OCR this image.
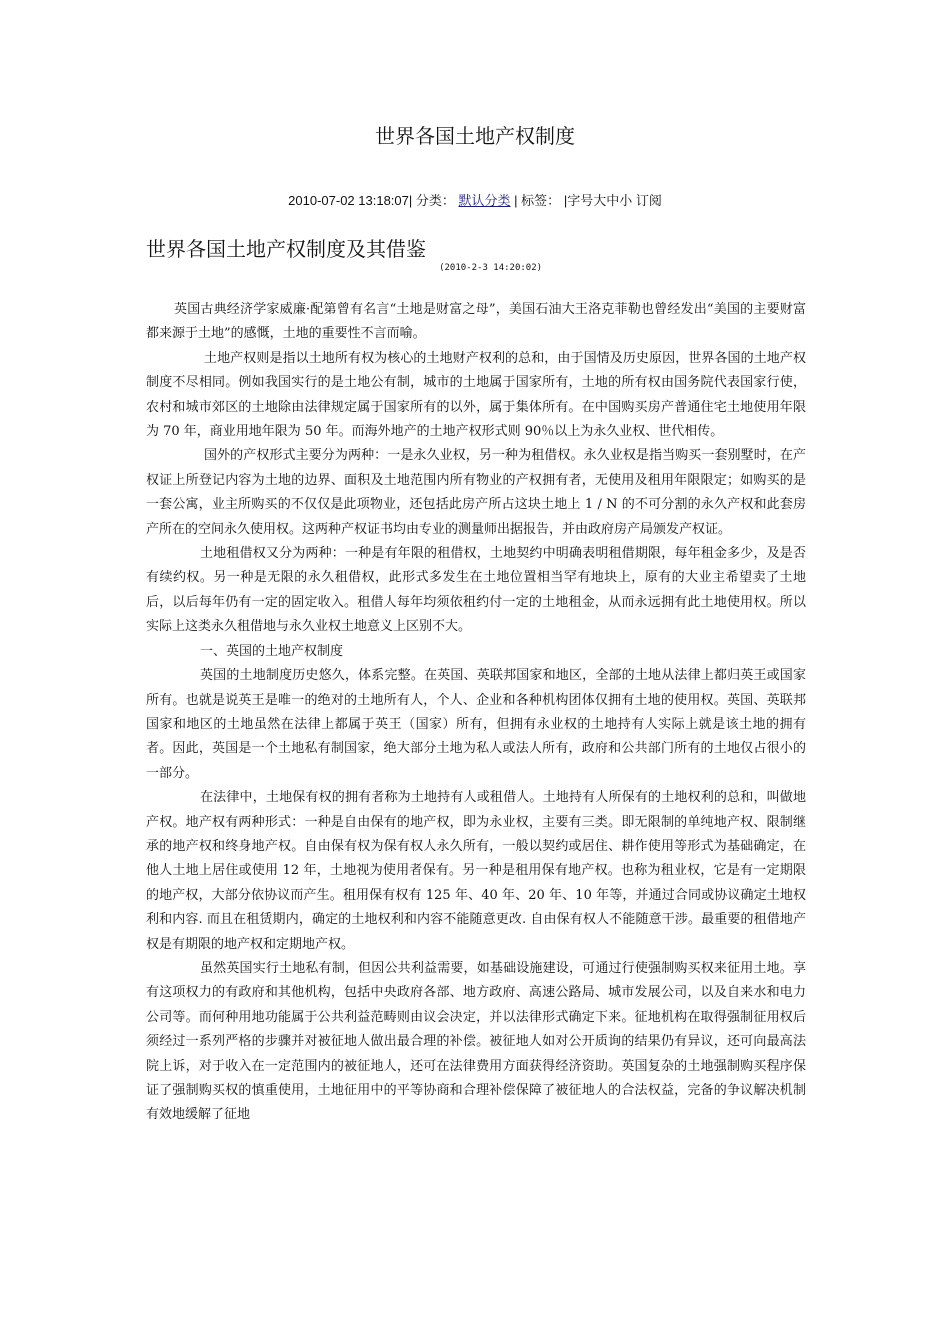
世界各国土地产权制度
2010-07-02 13:18:07| 分类： 默认分类 | 标签： |字号大中小 订阅
世界各国土地产权制度及其借鉴 $_{(2010-2-3 14:20:02)}$

英国古典经济学家威廉·配第曾有名言“土地是财富之母”，美国石油大王洛克菲勒也曾经发出“美国的主要财富都来源于土地”的感慨，土地的重要性不言而喻。

土地产权则是指以土地所有权为核心的土地财产权利的总和，由于国情及历史原因，世界各国的土地产权制度不尽相同。例如我国实行的是土地公有制，城市的土地属于国家所有，土地的所有权由国务院代表国家行使，农村和城市郊区的土地除由法律规定属于国家所有的以外，属于集体所有。在中国购买房产普通住宅土地使用年限为 70 年，商业用地年限为 50 年。而海外地产的土地产权形式则 90％以上为永久业权、世代相传。

国外的产权形式主要分为两种：一是永久业权，另一种为租借权。永久业权是指当购买一套别墅时，在产权证上所登记内容为土地的边界、面积及土地范围内所有物业的产权拥有者，无使用及租用年限限定；如购买的是一套公寓，业主所购买的不仅仅是此项物业，还包括此房产所占这块土地上 1 / N 的不可分割的永久产权和此套房产所在的空间永久使用权。这两种产权证书均由专业的测量师出据报告，并由政府房产局颁发产权证。

土地租借权又分为两种：一种是有年限的租借权，土地契约中明确表明租借期限，每年租金多少，及是否有续约权。另一种是无限的永久租借权，此形式多发生在土地位置相当罕有地块上，原有的大业主希望卖了土地后，以后每年仍有一定的固定收入。租借人每年均须依租约付一定的土地租金，从而永远拥有此土地使用权。所以实际上这类永久租借地与永久业权土地意义上区别不大。

一、英国的土地产权制度

英国的土地制度历史悠久，体系完整。在英国、英联邦国家和地区，全部的土地从法律上都归英王或国家所有。也就是说英王是唯一的绝对的土地所有人，个人、企业和各种机构团体仅拥有土地的使用权。英国、英联邦国家和地区的土地虽然在法律上都属于英王（国家）所有，但拥有永业权的土地持有人实际上就是该土地的拥有者。因此，英国是一个土地私有制国家，绝大部分土地为私人或法人所有，政府和公共部门所有的土地仅占很小的一部分。

在法律中，土地保有权的拥有者称为土地持有人或租借人。土地持有人所保有的土地权利的总和，叫做地产权。地产权有两种形式：一种是自由保有的地产权，即为永业权，主要有三类。即无限制的单纯地产权、限制继承的地产权和终身地产权。自由保有权为保有权人永久所有，一般以契约或居住、耕作使用等形式为基础确定，在他人土地上居住或使用 12 年，土地视为使用者保有。另一种是租用保有地产权。也称为租业权，它是有一定期限的地产权，大部分依协议而产生。租用保有权有 125 年、40 年、20 年、10 年等，并通过合同或协议确定土地权利和内容. 而且在租赁期内，确定的土地权利和内容不能随意更改. 自由保有权人不能随意干涉。最重要的租借地产权是有期限的地产权和定期地产权。

虽然英国实行土地私有制，但因公共利益需要，如基础设施建设，可通过行使强制购买权来征用土地。享有这项权力的有政府和其他机构，包括中央政府各部、地方政府、高速公路局、城市发展公司，以及自来水和电力公司等。而何种用地功能属于公共利益范畴则由议会决定，并以法律形式确定下来。征地机构在取得强制征用权后须经过一系列严格的步骤并对被征地人做出最合理的补偿。被征地人如对公开质询的结果仍有异议，还可向最高法院上诉，对于收入在一定范围内的被征地人，还可在法律费用方面获得经济资助。英国复杂的土地强制购买程序保证了强制购买权的慎重使用，土地征用中的平等协商和合理补偿保障了被征地人的合法权益，完备的争议解决机制有效地缓解了征地
